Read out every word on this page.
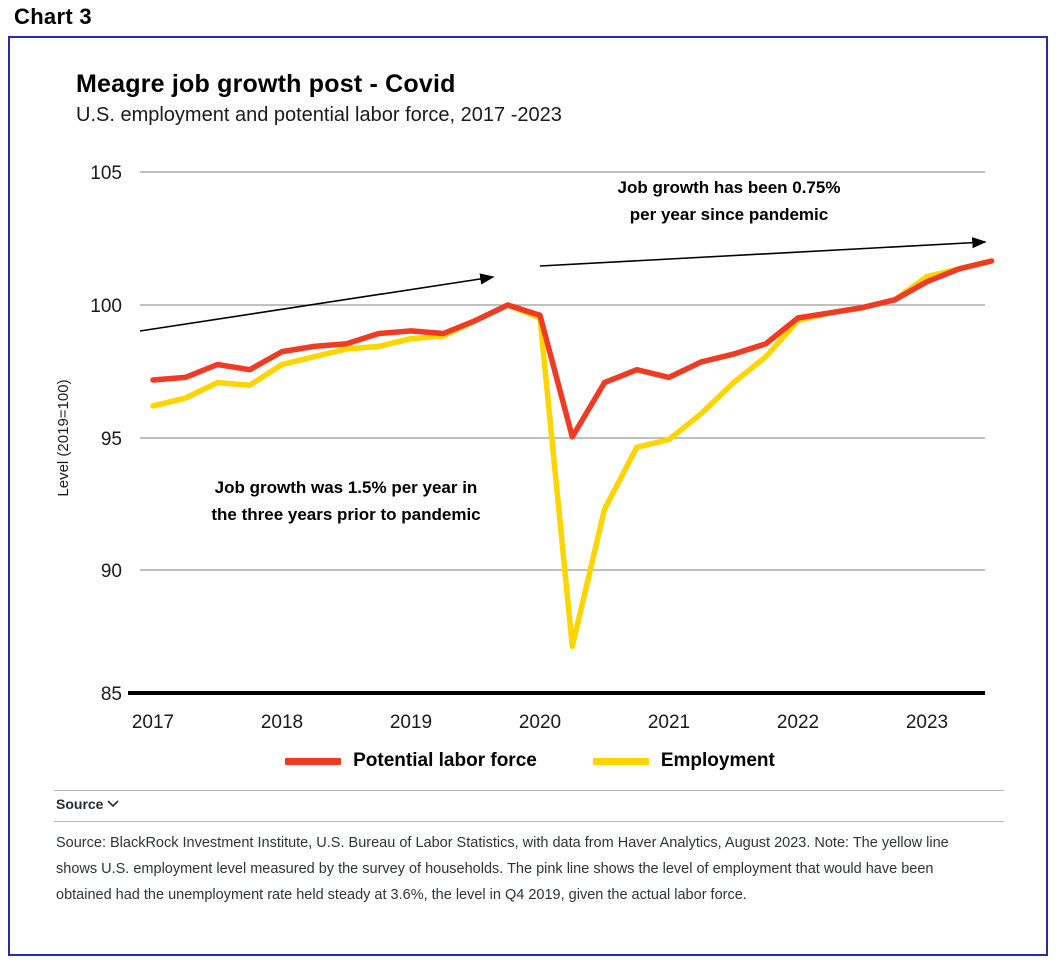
Chart 3
Meagre job growth post - Covid
U.S. employment and potential labor force, 2017 -2023
105
100
95
90
85
Level (2019=100)
2017	2018	2019	2020	2021	2022	2023
Job growth has been 0.75%
per year since pandemic
Job growth was 1.5% per year in
the three years prior to pandemic
Potential labor force	Employment
Source
Source: BlackRock Investment Institute, U.S. Bureau of Labor Statistics, with data from Haver Analytics, August 2023. Note: The yellow line shows U.S. employment level measured by the survey of households. The pink line shows the level of employment that would have been obtained had the unemployment rate held steady at 3.6%, the level in Q4 2019, given the actual labor force.
